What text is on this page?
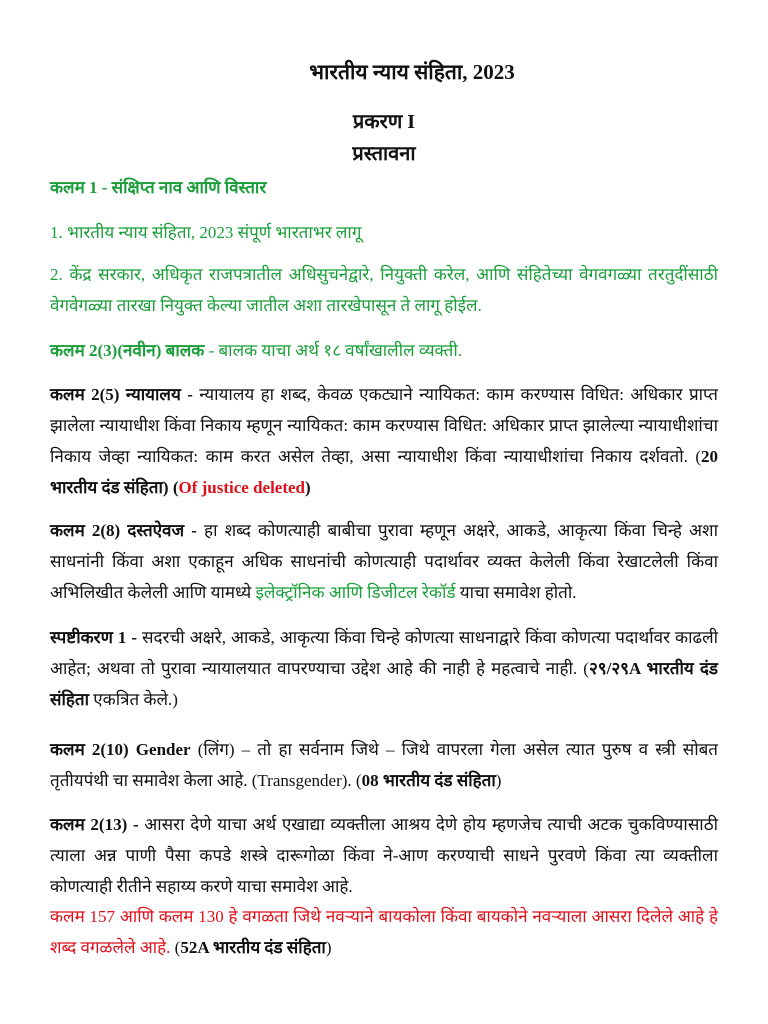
भारतीय न्याय संहिता, 2023
प्रकरण I
प्रस्तावना
कलम 1 - संक्षिप्त नाव आणि विस्तार
1. भारतीय न्याय संहिता, 2023 संपूर्ण भारताभर लागू
2. केंद्र सरकार, अधिकृत राजपत्रातील अधिसुचनेद्वारे, नियुक्ती करेल, आणि संहितेच्या वेगवगळ्या तरतुदींसाठी वेगवेगळ्या तारखा नियुक्त केल्या जातील अशा तारखेपासून ते लागू होईल.
कलम 2(3)(नवीन) बालक - बालक याचा अर्थ १८ वर्षांखालील व्यक्ती.
कलम 2(5) न्यायालय - न्यायालय हा शब्द, केवळ एकट्याने न्यायिकत: काम करण्यास विधित: अधिकार प्राप्त झालेला न्यायाधीश किंवा निकाय म्हणून न्यायिकत: काम करण्यास विधित: अधिकार प्राप्त झालेल्या न्यायाधीशांचा निकाय जेव्हा न्यायिकत: काम करत असेल तेव्हा, असा न्यायाधीश किंवा न्यायाधीशांचा निकाय दर्शवतो. (20 भारतीय दंड संहिता) (Of justice deleted)
कलम 2(8) दस्तऐवज - हा शब्द कोणत्याही बाबीचा पुरावा म्हणून अक्षरे, आकडे, आकृत्या किंवा चिन्हे अशा साधनांनी किंवा अशा एकाहून अधिक साधनांची कोणत्याही पदार्थावर व्यक्त केलेली किंवा रेखाटलेली किंवा अभिलिखीत केलेली आणि यामध्ये इलेक्ट्रॉनिक आणि डिजीटल रेकॉर्ड याचा समावेश होतो.
स्पष्टीकरण 1 - सदरची अक्षरे, आकडे, आकृत्या किंवा चिन्हे कोणत्या साधनाद्वारे किंवा कोणत्या पदार्थावर काढली आहेत; अथवा तो पुरावा न्यायालयात वापरण्याचा उद्देश आहे की नाही हे महत्वाचे नाही. (२९/२९A भारतीय दंड संहिता एकत्रित केले.)
कलम 2(10) Gender (लिंग) – तो हा सर्वनाम जिथे – जिथे वापरला गेला असेल त्यात पुरुष व स्त्री सोबत तृतीयपंथी चा समावेश केला आहे. (Transgender). (08 भारतीय दंड संहिता)
कलम 2(13) - आसरा देणे याचा अर्थ एखाद्या व्यक्तीला आश्रय देणे होय म्हणजेच त्याची अटक चुकविण्यासाठी त्याला अन्न पाणी पैसा कपडे शस्त्रे दारूगोळा किंवा ने-आण करण्याची साधने पुरवणे किंवा त्या व्यक्तीला कोणत्याही रीतीने सहाय्य करणे याचा समावेश आहे.
कलम 157 आणि कलम 130 हे वगळता जिथे नवऱ्याने बायकोला किंवा बायकोने नवऱ्याला आसरा दिलेले आहे हे शब्द वगळलेले आहे. (52A भारतीय दंड संहिता)
